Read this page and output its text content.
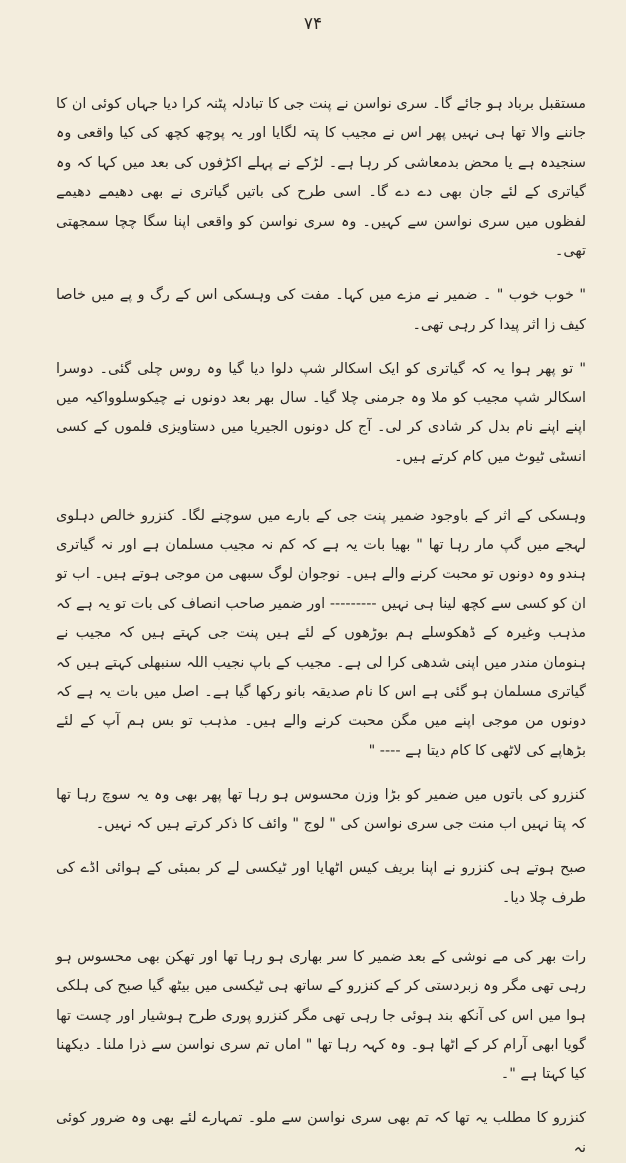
۷۴

مستقبل برباد ہو جائے گا۔ سری نواسن نے پنت جی کا تبادلہ پٹنہ کرا دیا جہاں کوئی ان کا جاننے والا تھا ہی نہیں پھر اس نے مجیب کا پتہ لگایا اور یہ پوچھ کچھ کی کیا واقعی وہ سنجیدہ ہے یا محض بدمعاشی کر رہا ہے۔ لڑکے نے پہلے اکڑفوں کی بعد میں کہا کہ وہ گیاتری کے لئے جان بھی دے دے گا۔ اسی طرح کی باتیں گیاتری نے بھی دھیمے دھیمے لفظوں میں سری نواسن سے کہیں۔ وہ سری نواسن کو واقعی اپنا سگا چچا سمجھتی تھی۔

" خوب خوب " ۔ ضمیر نے مزے میں کہا۔ مفت کی وہسکی اس کے رگ و پے میں خاصا کیف زا اثر پیدا کر رہی تھی۔

" تو پھر ہوا یہ کہ گیاتری کو ایک اسکالر شپ دلوا دیا گیا وہ روس چلی گئی۔ دوسرا اسکالر شپ مجیب کو ملا وہ جرمنی چلا گیا۔ سال بھر بعد دونوں نے چیکوسلوواکیہ میں اپنے اپنے نام بدل کر شادی کر لی۔ آج کل دونوں الجیریا میں دستاویزی فلموں کے کسی انسٹی ٹیوٹ میں کام کرتے ہیں۔

وہسکی کے اثر کے باوجود ضمیر پنت جی کے بارے میں سوچنے لگا۔ کنزرو خالص دہلوی لہجے میں گپ مار رہا تھا " بھیا بات یہ ہے کہ کم نہ مجیب مسلمان ہے اور نہ گیاتری ہندو وہ دونوں تو محبت کرنے والے ہیں۔ نوجوان لوگ سبھی من موجی ہوتے ہیں۔ اب تو ان کو کسی سے کچھ لینا ہی نہیں --------- اور ضمیر صاحب انصاف کی بات تو یہ ہے کہ مذہب وغیرہ کے ڈھکوسلے ہم بوڑھوں کے لئے ہیں پنت جی کہتے ہیں کہ مجیب نے ہنومان مندر میں اپنی شدھی کرا لی ہے۔ مجیب کے باپ نجیب اللہ سنبھلی کہتے ہیں کہ گیاتری مسلمان ہو گئی ہے اس کا نام صدیقہ بانو رکھا گیا ہے۔ اصل میں بات یہ ہے کہ دونوں من موجی اپنے میں مگن محبت کرنے والے ہیں۔ مذہب تو بس ہم آپ کے لئے بڑھاپے کی لاٹھی کا کام دیتا ہے ---- "

کنزرو کی باتوں میں ضمیر کو بڑا وزن محسوس ہو رہا تھا پھر بھی وہ یہ سوچ رہا تھا کہ پتا نہیں اب منت جی سری نواسن کی " لوج " وائف کا ذکر کرتے ہیں کہ نہیں۔

صبح ہوتے ہی کنزرو نے اپنا بریف کیس اٹھایا اور ٹیکسی لے کر بمبئی کے ہوائی اڈے کی طرف چلا دیا۔

رات بھر کی مے نوشی کے بعد ضمیر کا سر بھاری ہو رہا تھا اور تھکن بھی محسوس ہو رہی تھی مگر وہ زبردستی کر کے کنزرو کے ساتھ ہی ٹیکسی میں بیٹھ گیا صبح کی ہلکی ہوا میں اس کی آنکھ بند ہوئی جا رہی تھی مگر کنزرو پوری طرح ہوشیار اور چست تھا گویا ابھی آرام کر کے اٹھا ہو۔ وہ کہہ رہا تھا " اماں تم سری نواسن سے ذرا ملنا۔ دیکھنا کیا کہتا ہے "۔

کنزرو کا مطلب یہ تھا کہ تم بھی سری نواسن سے ملو۔ تمہارے لئے بھی وہ ضرور کوئی نہ
